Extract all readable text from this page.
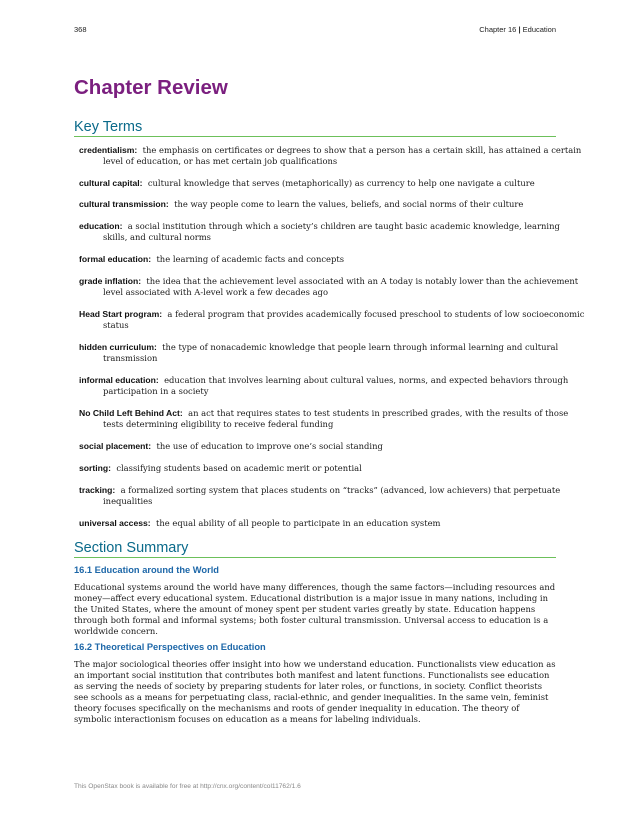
368	Chapter 16 | Education
Chapter Review
Key Terms

credentialism: the emphasis on certificates or degrees to show that a person has a certain skill, has attained a certain level of education, or has met certain job qualifications

cultural capital: cultural knowledge that serves (metaphorically) as currency to help one navigate a culture

cultural transmission: the way people come to learn the values, beliefs, and social norms of their culture

education: a social institution through which a society’s children are taught basic academic knowledge, learning skills, and cultural norms

formal education: the learning of academic facts and concepts

grade inflation: the idea that the achievement level associated with an A today is notably lower than the achievement level associated with A-level work a few decades ago

Head Start program: a federal program that provides academically focused preschool to students of low socioeconomic status

hidden curriculum: the type of nonacademic knowledge that people learn through informal learning and cultural transmission

informal education: education that involves learning about cultural values, norms, and expected behaviors through participation in a society

No Child Left Behind Act: an act that requires states to test students in prescribed grades, with the results of those tests determining eligibility to receive federal funding

social placement: the use of education to improve one’s social standing

sorting: classifying students based on academic merit or potential

tracking: a formalized sorting system that places students on “tracks” (advanced, low achievers) that perpetuate inequalities

universal access: the equal ability of all people to participate in an education system

Section Summary
16.1 Education around the World

Educational systems around the world have many differences, though the same factors—including resources and money—affect every educational system. Educational distribution is a major issue in many nations, including in the United States, where the amount of money spent per student varies greatly by state. Education happens through both formal and informal systems; both foster cultural transmission. Universal access to education is a worldwide concern.

16.2 Theoretical Perspectives on Education

The major sociological theories offer insight into how we understand education. Functionalists view education as an important social institution that contributes both manifest and latent functions. Functionalists see education as serving the needs of society by preparing students for later roles, or functions, in society. Conflict theorists see schools as a means for perpetuating class, racial-ethnic, and gender inequalities. In the same vein, feminist theory focuses specifically on the mechanisms and roots of gender inequality in education. The theory of symbolic interactionism focuses on education as a means for labeling individuals.

This OpenStax book is available for free at http://cnx.org/content/col11762/1.6
